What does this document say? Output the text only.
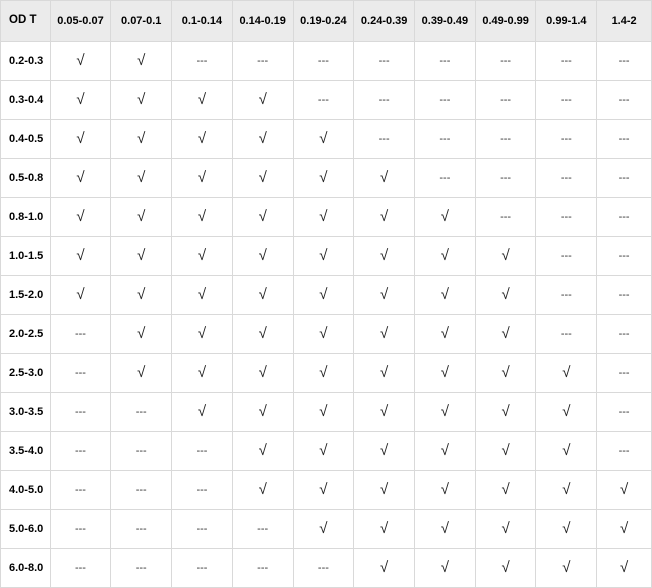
OD T	0.05-0.07	0.07-0.1	0.1-0.14	0.14-0.19	0.19-0.24	0.24-0.39	0.39-0.49	0.49-0.99	0.99-1.4	1.4-2
0.2-0.3	√	√	---	---	---	---	---	---	---	---
0.3-0.4	√	√	√	√	---	---	---	---	---	---
0.4-0.5	√	√	√	√	√	---	---	---	---	---
0.5-0.8	√	√	√	√	√	√	---	---	---	---
0.8-1.0	√	√	√	√	√	√	√	---	---	---
1.0-1.5	√	√	√	√	√	√	√	√	---	---
1.5-2.0	√	√	√	√	√	√	√	√	---	---
2.0-2.5	---	√	√	√	√	√	√	√	---	---
2.5-3.0	---	√	√	√	√	√	√	√	√	---
3.0-3.5	---	---	√	√	√	√	√	√	√	---
3.5-4.0	---	---	---	√	√	√	√	√	√	---
4.0-5.0	---	---	---	√	√	√	√	√	√	√
5.0-6.0	---	---	---	---	√	√	√	√	√	√
6.0-8.0	---	---	---	---	---	√	√	√	√	√
